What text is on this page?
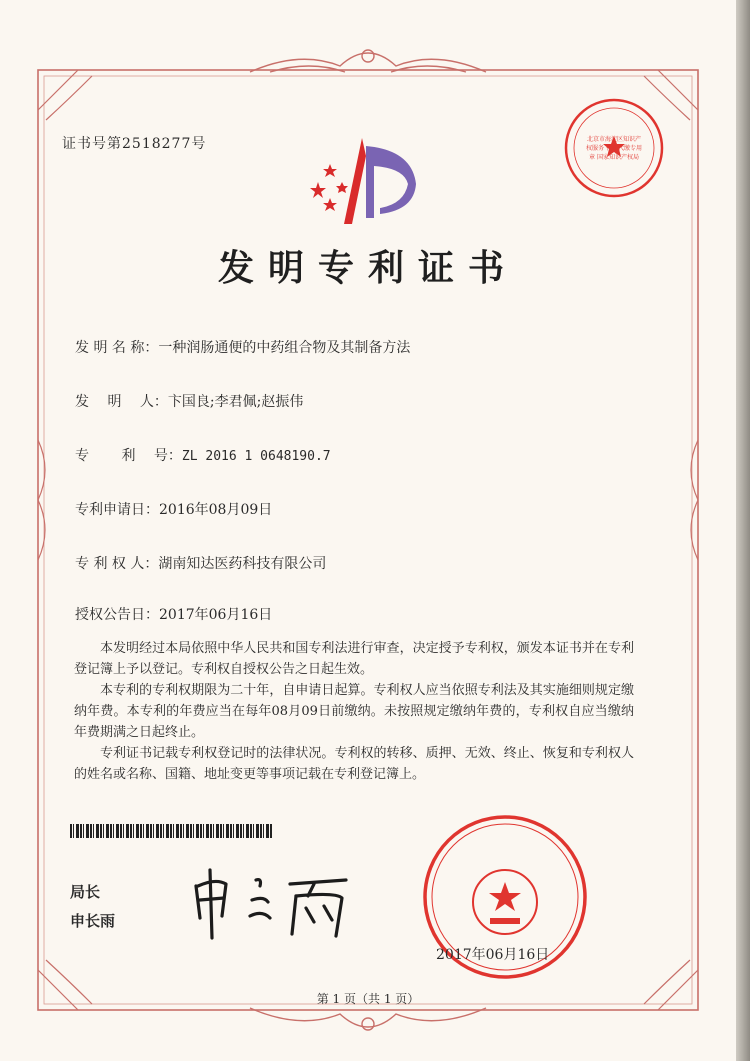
证书号第2518277号	北京市海淀区知识产权服务 代扣代缴专用章 国家知识产权局
发明专利证书
发 明 名 称：一种润肠通便的中药组合物及其制备方法
发　 明　 人：卞国良;李君佩;赵振伟
专　 　利　 号：ZL 2016 1 0648190.7
专利申请日：2016年08月09日
专 利 权 人：湖南知达医药科技有限公司
授权公告日：2017年06月16日

本发明经过本局依照中华人民共和国专利法进行审查，决定授予专利权，颁发本证书并在专利登记簿上予以登记。专利权自授权公告之日起生效。

本专利的专利权期限为二十年，自申请日起算。专利权人应当依照专利法及其实施细则规定缴纳年费。本专利的年费应当在每年08月09日前缴纳。未按照规定缴纳年费的，专利权自应当缴纳年费期满之日起终止。

专利证书记载专利权登记时的法律状况。专利权的转移、质押、无效、终止、恢复和专利权人的姓名或名称、国籍、地址变更等事项记载在专利登记簿上。

局长
申长雨
2017年06月16日
第 1 页（共 1 页）
